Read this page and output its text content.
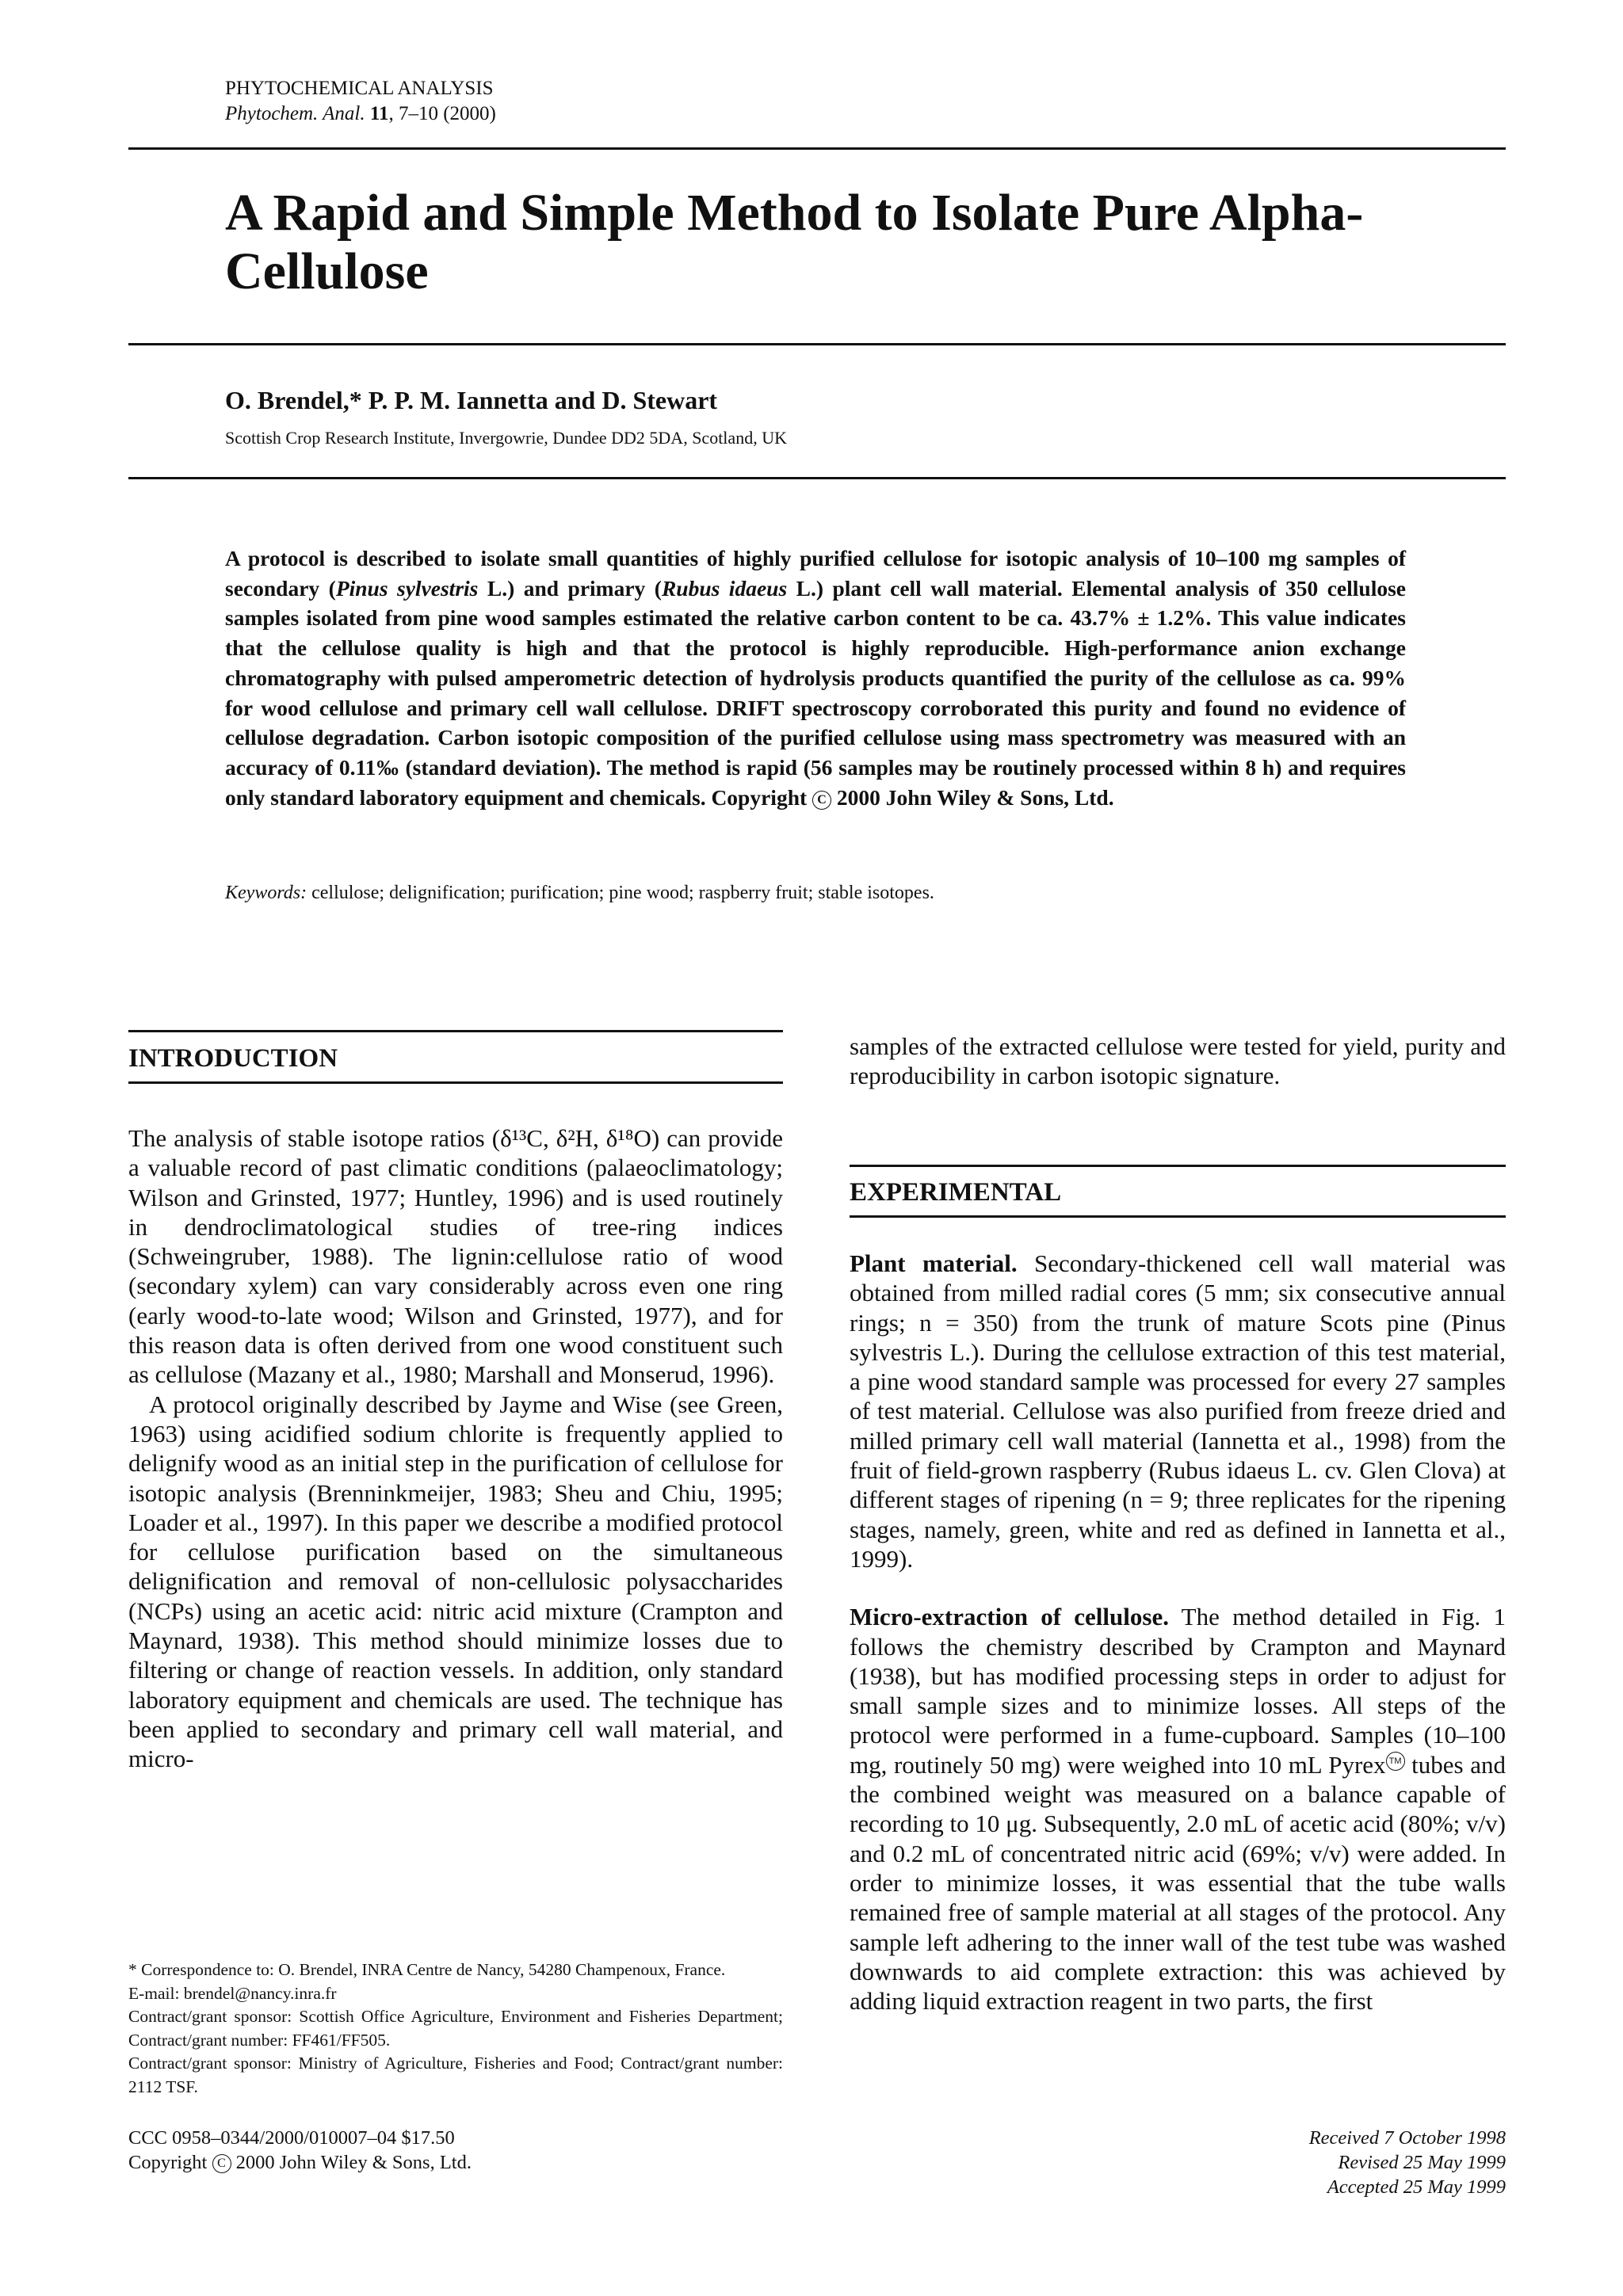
PHYTOCHEMICAL ANALYSIS
Phytochem. Anal. 11, 7–10 (2000)
A Rapid and Simple Method to Isolate Pure Alpha-Cellulose
O. Brendel,* P. P. M. Iannetta and D. Stewart
Scottish Crop Research Institute, Invergowrie, Dundee DD2 5DA, Scotland, UK
A protocol is described to isolate small quantities of highly purified cellulose for isotopic analysis of 10–100 mg samples of secondary (Pinus sylvestris L.) and primary (Rubus idaeus L.) plant cell wall material. Elemental analysis of 350 cellulose samples isolated from pine wood samples estimated the relative carbon content to be ca. 43.7% ± 1.2%. This value indicates that the cellulose quality is high and that the protocol is highly reproducible. High-performance anion exchange chromatography with pulsed amperometric detection of hydrolysis products quantified the purity of the cellulose as ca. 99% for wood cellulose and primary cell wall cellulose. DRIFT spectroscopy corroborated this purity and found no evidence of cellulose degradation. Carbon isotopic composition of the purified cellulose using mass spectrometry was measured with an accuracy of 0.11‰ (standard deviation). The method is rapid (56 samples may be routinely processed within 8 h) and requires only standard laboratory equipment and chemicals. Copyright C 2000 John Wiley & Sons, Ltd.
Keywords: cellulose; delignification; purification; pine wood; raspberry fruit; stable isotopes.
INTRODUCTION

The analysis of stable isotope ratios (δ¹³C, δ²H, δ¹⁸O) can provide a valuable record of past climatic conditions (palaeoclimatology; Wilson and Grinsted, 1977; Huntley, 1996) and is used routinely in dendroclimatological studies of tree-ring indices (Schweingruber, 1988). The lignin:cellulose ratio of wood (secondary xylem) can vary considerably across even one ring (early wood-to-late wood; Wilson and Grinsted, 1977), and for this reason data is often derived from one wood constituent such as cellulose (Mazany et al., 1980; Marshall and Monserud, 1996).

A protocol originally described by Jayme and Wise (see Green, 1963) using acidified sodium chlorite is frequently applied to delignify wood as an initial step in the purification of cellulose for isotopic analysis (Brenninkmeijer, 1983; Sheu and Chiu, 1995; Loader et al., 1997). In this paper we describe a modified protocol for cellulose purification based on the simultaneous delignification and removal of non-cellulosic polysaccharides (NCPs) using an acetic acid: nitric acid mixture (Crampton and Maynard, 1938). This method should minimize losses due to filtering or change of reaction vessels. In addition, only standard laboratory equipment and chemicals are used. The technique has been applied to secondary and primary cell wall material, and micro-

* Correspondence to: O. Brendel, INRA Centre de Nancy, 54280 Champenoux, France.

E-mail: brendel@nancy.inra.fr

Contract/grant sponsor: Scottish Office Agriculture, Environment and Fisheries Department; Contract/grant number: FF461/FF505.

Contract/grant sponsor: Ministry of Agriculture, Fisheries and Food; Contract/grant number: 2112 TSF.

samples of the extracted cellulose were tested for yield, purity and reproducibility in carbon isotopic signature.
EXPERIMENTAL

Plant material. Secondary-thickened cell wall material was obtained from milled radial cores (5 mm; six consecutive annual rings; n = 350) from the trunk of mature Scots pine (Pinus sylvestris L.). During the cellulose extraction of this test material, a pine wood standard sample was processed for every 27 samples of test material. Cellulose was also purified from freeze dried and milled primary cell wall material (Iannetta et al., 1998) from the fruit of field-grown raspberry (Rubus idaeus L. cv. Glen Clova) at different stages of ripening (n = 9; three replicates for the ripening stages, namely, green, white and red as defined in Iannetta et al., 1999).

Micro-extraction of cellulose. The method detailed in Fig. 1 follows the chemistry described by Crampton and Maynard (1938), but has modified processing steps in order to adjust for small sample sizes and to minimize losses. All steps of the protocol were performed in a fume-cupboard. Samples (10–100 mg, routinely 50 mg) were weighed into 10 mL Pyrex TM tubes and the combined weight was measured on a balance capable of recording to 10 μg. Subsequently, 2.0 mL of acetic acid (80%; v/v) and 0.2 mL of concentrated nitric acid (69%; v/v) were added. In order to minimize losses, it was essential that the tube walls remained free of sample material at all stages of the protocol. Any sample left adhering to the inner wall of the test tube was washed downwards to aid complete extraction: this was achieved by adding liquid extraction reagent in two parts, the first

CCC 0958–0344/2000/010007–04 $17.50
Copyright C 2000 John Wiley & Sons, Ltd.
Received 7 October 1998
Revised 25 May 1999
Accepted 25 May 1999
